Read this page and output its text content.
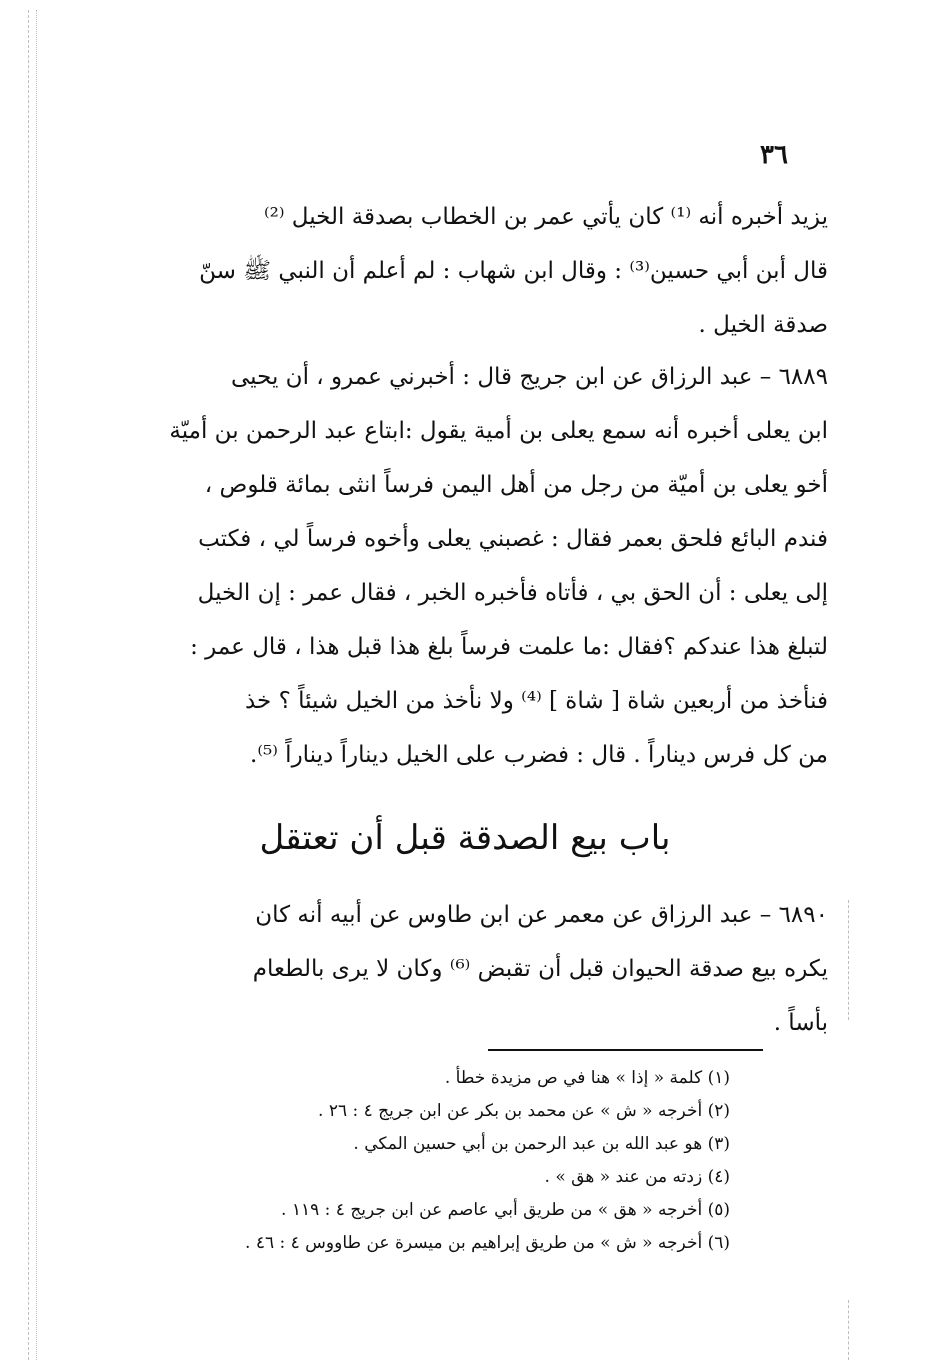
٣٦
يزيد أخبره أنه ⁽¹⁾ كان يأتي عمر بن الخطاب بصدقة الخيل ⁽²⁾
قال أبن أبي حسين⁽³⁾ : وقال ابن شهاب : لم أعلم أن النبي ﷺ سنّ
صدقة الخيل .
٦٨٨٩ – عبد الرزاق عن ابن جريج قال : أخبرني عمرو ، أن يحيى
ابن يعلى أخبره أنه سمع يعلى بن أمية يقول :ابتاع عبد الرحمن بن أميّة
أخو يعلى بن أميّة من رجل من أهل اليمن فرساً انثى بمائة قلوص ،
فندم البائع فلحق بعمر فقال : غصبني يعلى وأخوه فرساً لي ، فكتب
إلى يعلى : أن الحق بي ، فأتاه فأخبره الخبر ، فقال عمر : إن الخيل
لتبلغ هذا عندكم ؟فقال :ما علمت فرساً بلغ هذا قبل هذا ، قال عمر :
فنأخذ من أربعين شاة [ شاة ] ⁽⁴⁾ ولا نأخذ من الخيل شيئاً ؟ خذ
من كل فرس ديناراً . قال : فضرب على الخيل ديناراً ديناراً ⁽⁵⁾.
باب بيع الصدقة قبل أن تعتقل
٦٨٩٠ – عبد الرزاق عن معمر عن ابن طاوس عن أبيه أنه كان
يكره بيع صدقة الحيوان قبل أن تقبض ⁽⁶⁾ وكان لا يرى بالطعام
بأساً .
(١) كلمة « إذا » هنا في ص مزيدة خطأ .
(٢) أخرجه « ش » عن محمد بن بكر عن ابن جريج ٤ : ٢٦ .
(٣) هو عبد الله بن عبد الرحمن بن أبي حسين المكي .
(٤) زدته من عند « هق » .
(٥) أخرجه « هق » من طريق أبي عاصم عن ابن جريج ٤ : ١١٩ .
(٦) أخرجه « ش » من طريق إبراهيم بن ميسرة عن طاووس ٤ : ٤٦ .
